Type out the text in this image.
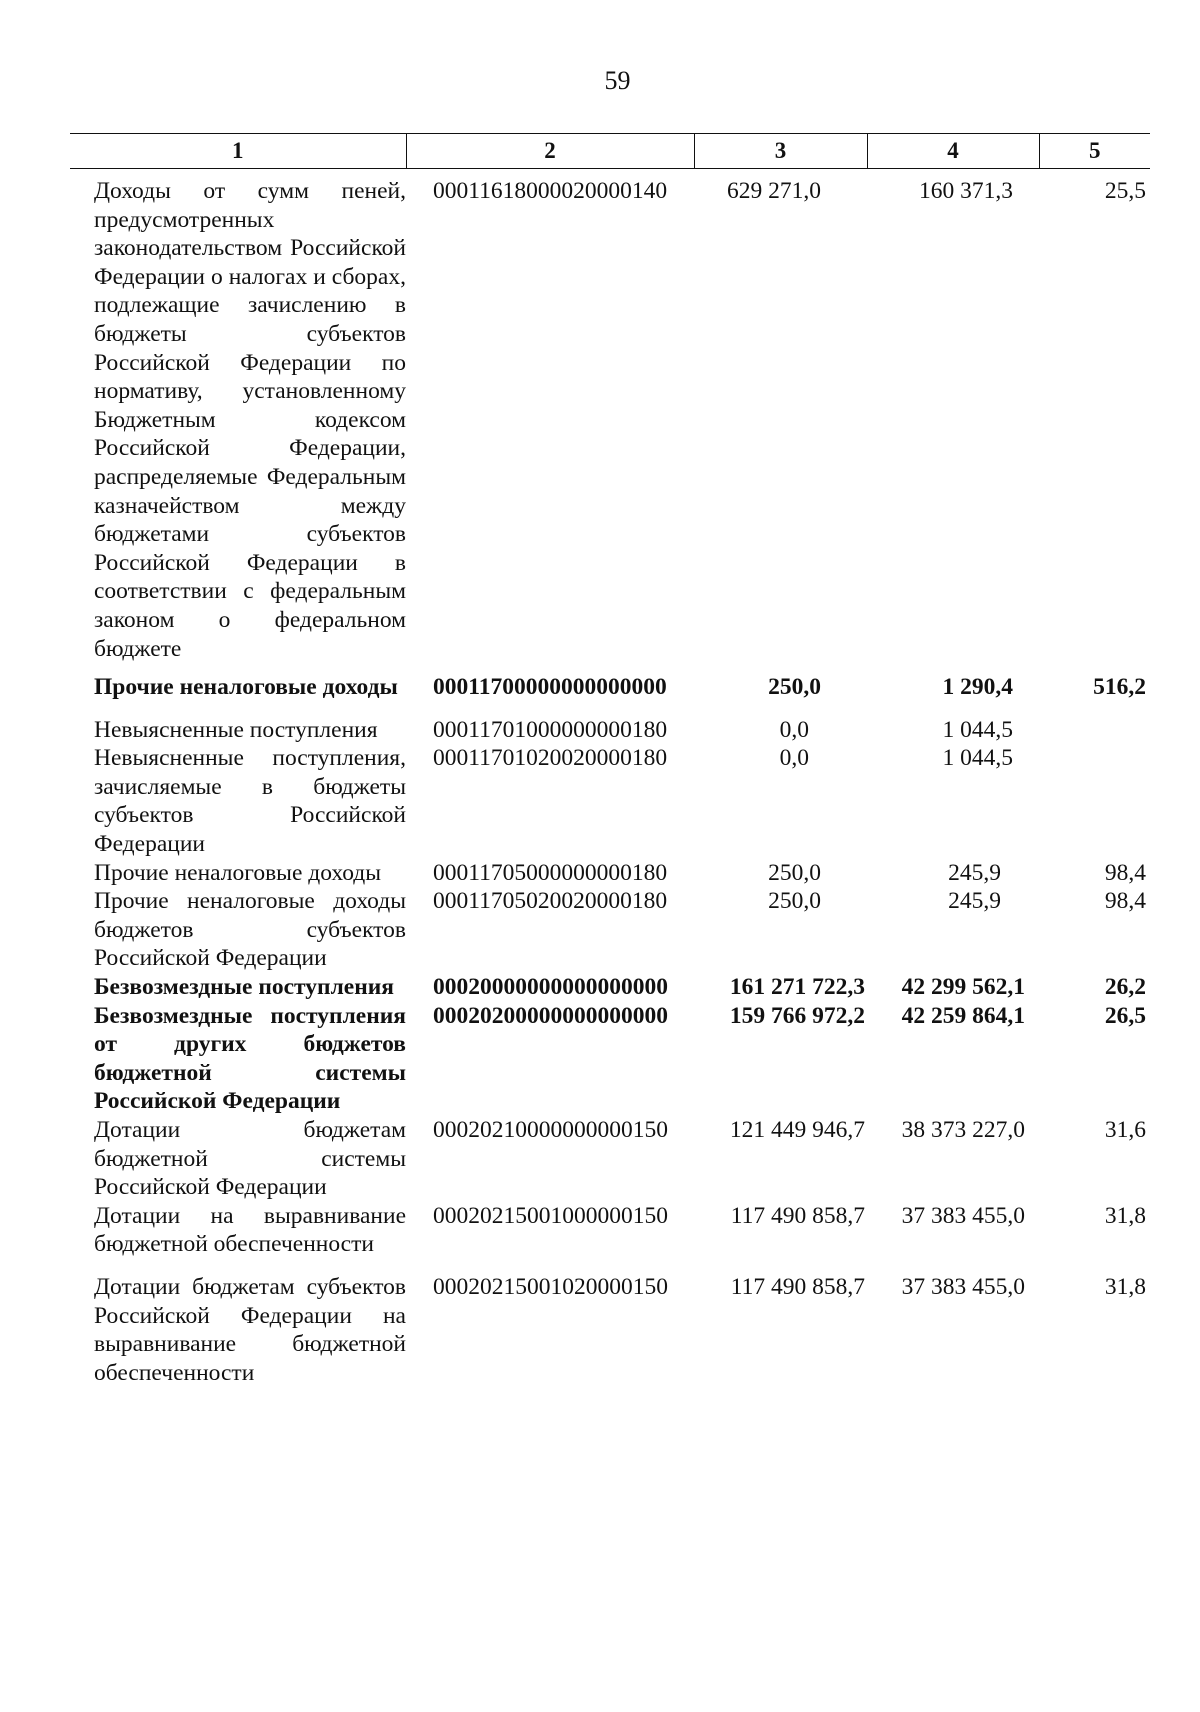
59
1	2	3	4	5
Доходы от сумм пеней, предусмотренных законодательством Российской Федерации о налогах и сборах, подлежащие зачислению в бюджеты субъектов Российской Федерации по нормативу, установленному Бюджетным кодексом Российской Федерации, распределяемые Федеральным казначейством между бюджетами субъектов Российской Федерации в соответствии с федеральным законом о федеральном бюджете	00011618000020000140	629 271,0	160 371,3	25,5
Прочие неналоговые доходы	00011700000000000000	250,0	1 290,4	516,2
Невыясненные поступления	00011701000000000180	0,0	1 044,5	
Невыясненные поступления, зачисляемые в бюджеты субъектов Российской Федерации	00011701020020000180	0,0	1 044,5	
Прочие неналоговые доходы	00011705000000000180	250,0	245,9	98,4
Прочие неналоговые доходы бюджетов субъектов Российской Федерации	00011705020020000180	250,0	245,9	98,4
Безвозмездные поступления	00020000000000000000	161 271 722,3	42 299 562,1	26,2
Безвозмездные поступления от других бюджетов бюджетной системы Российской Федерации	00020200000000000000	159 766 972,2	42 259 864,1	26,5
Дотации бюджетам бюджетной системы Российской Федерации	00020210000000000150	121 449 946,7	38 373 227,0	31,6
Дотации на выравнивание бюджетной обеспеченности	00020215001000000150	117 490 858,7	37 383 455,0	31,8
Дотации бюджетам субъектов Российской Федерации на выравнивание бюджетной обеспеченности	00020215001020000150	117 490 858,7	37 383 455,0	31,8
